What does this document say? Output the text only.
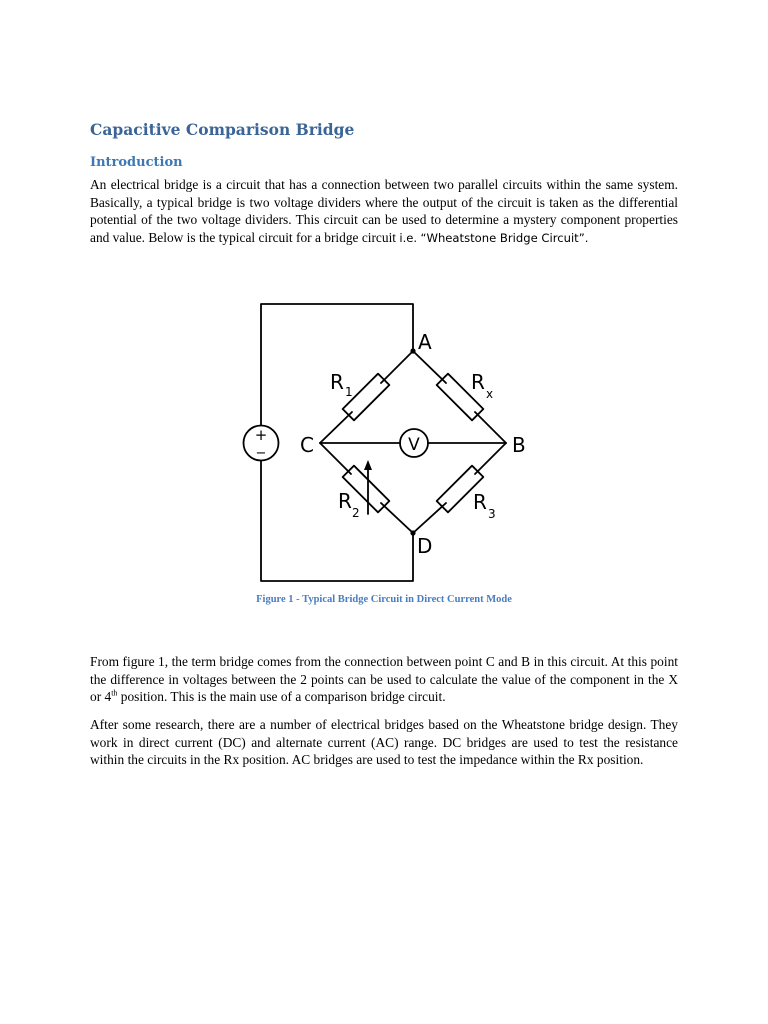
A
B
C
D
R 1	R x
R 2	R 3
V
+
−
Capacitive Comparison Bridge
Introduction

An electrical bridge is a circuit that has a connection between two parallel circuits within the same system. Basically, a typical bridge is two voltage dividers where the output of the circuit is taken as the differential potential of the two voltage dividers. This circuit can be used to determine a mystery component properties and value. Below is the typical circuit for a bridge circuit i.e. “Wheatstone Bridge Circuit”.

Figure 1 - Typical Bridge Circuit in Direct Current Mode

From figure 1, the term bridge comes from the connection between point C and B in this circuit. At this point the difference in voltages between the 2 points can be used to calculate the value of the component in the X or 4th position. This is the main use of a comparison bridge circuit.

After some research, there are a number of electrical bridges based on the Wheatstone bridge design. They work in direct current (DC) and alternate current (AC) range. DC bridges are used to test the resistance within the circuits in the Rx position. AC bridges are used to test the impedance within the Rx position.
